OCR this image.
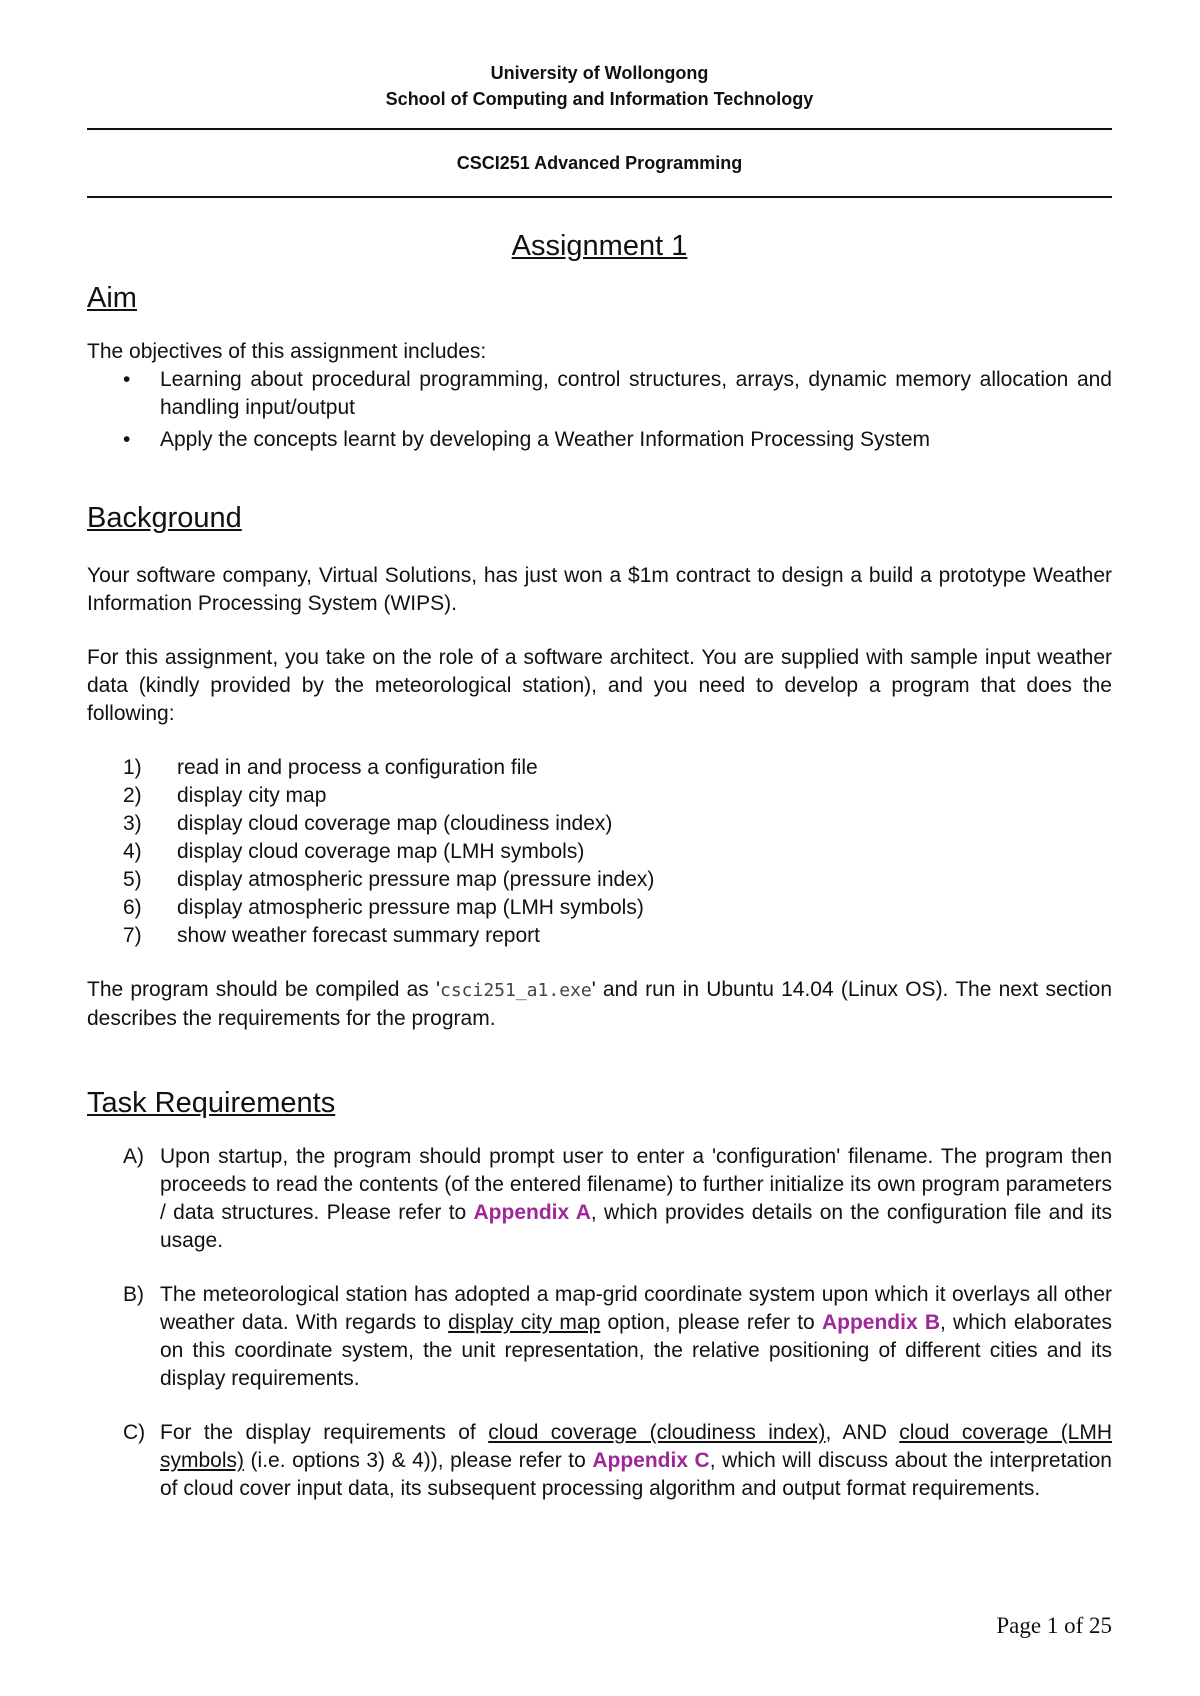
University of Wollongong
School of Computing and Information Technology
CSCI251 Advanced Programming
Assignment 1
Aim

The objectives of this assignment includes:

• Learning about procedural programming, control structures, arrays, dynamic memory allocation and handling input/output
• Apply the concepts learnt by developing a Weather Information Processing System
Background

Your software company, Virtual Solutions, has just won a $1m contract to design a build a prototype Weather Information Processing System (WIPS).

For this assignment, you take on the role of a software architect. You are supplied with sample input weather data (kindly provided by the meteorological station), and you need to develop a program that does the following:

1) read in and process a configuration file
2) display city map
3) display cloud coverage map (cloudiness index)
4) display cloud coverage map (LMH symbols)
5) display atmospheric pressure map (pressure index)
6) display atmospheric pressure map (LMH symbols)
7) show weather forecast summary report

The program should be compiled as 'csci251_a1.exe' and run in Ubuntu 14.04 (Linux OS). The next section describes the requirements for the program.

Task Requirements
A) Upon startup, the program should prompt user to enter a 'configuration' filename. The program then proceeds to read the contents (of the entered filename) to further initialize its own program parameters / data structures. Please refer to Appendix A, which provides details on the configuration file and its usage.
B) The meteorological station has adopted a map-grid coordinate system upon which it overlays all other weather data. With regards to display city map option, please refer to Appendix B, which elaborates on this coordinate system, the unit representation, the relative positioning of different cities and its display requirements.
C) For the display requirements of cloud coverage (cloudiness index), AND cloud coverage (LMH symbols) (i.e. options 3) & 4)), please refer to Appendix C, which will discuss about the interpretation of cloud cover input data, its subsequent processing algorithm and output format requirements.
Page 1 of 25
